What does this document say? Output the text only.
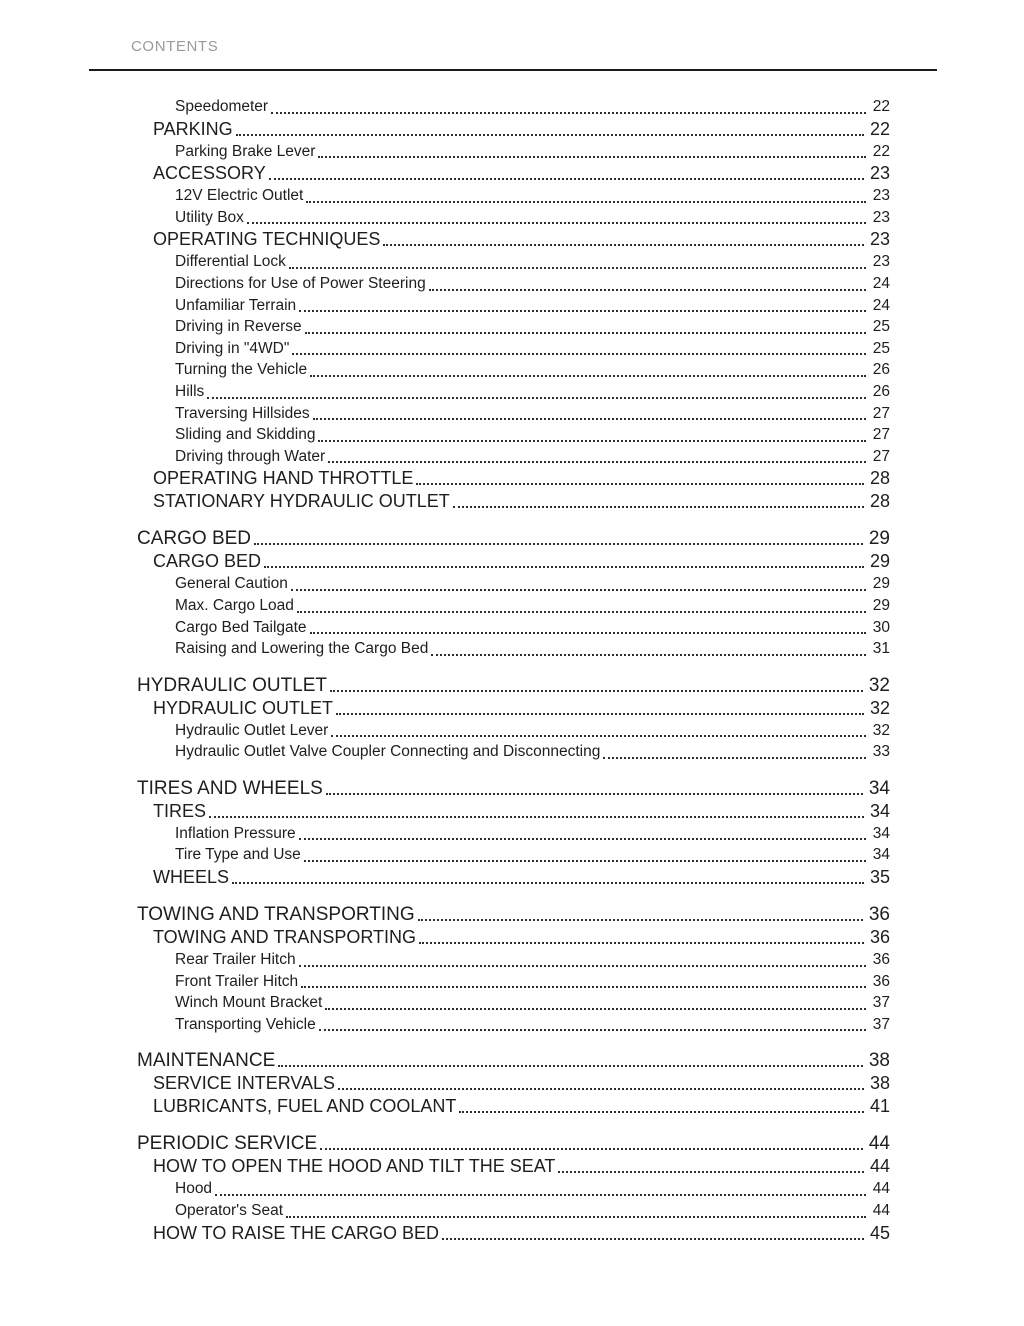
CONTENTS
Speedometer	22
PARKING	22
Parking Brake Lever	22
ACCESSORY	23
12V Electric Outlet	23
Utility Box	23
OPERATING TECHNIQUES	23
Differential Lock	23
Directions for Use of Power Steering	24
Unfamiliar Terrain	24
Driving in Reverse	25
Driving in "4WD"	25
Turning the Vehicle	26
Hills	26
Traversing Hillsides	27
Sliding and Skidding	27
Driving through Water	27
OPERATING HAND THROTTLE	28
STATIONARY HYDRAULIC OUTLET	28
CARGO BED	29
CARGO BED	29
General Caution	29
Max. Cargo Load	29
Cargo Bed Tailgate	30
Raising and Lowering the Cargo Bed	31
HYDRAULIC OUTLET	32
HYDRAULIC OUTLET	32
Hydraulic Outlet Lever	32
Hydraulic Outlet Valve Coupler Connecting and Disconnecting	33
TIRES AND WHEELS	34
TIRES	34
Inflation Pressure	34
Tire Type and Use	34
WHEELS	35
TOWING AND TRANSPORTING	36
TOWING AND TRANSPORTING	36
Rear Trailer Hitch	36
Front Trailer Hitch	36
Winch Mount Bracket	37
Transporting Vehicle	37
MAINTENANCE	38
SERVICE INTERVALS	38
LUBRICANTS, FUEL AND COOLANT	41
PERIODIC SERVICE	44
HOW TO OPEN THE HOOD AND TILT THE SEAT	44
Hood	44
Operator's Seat	44
HOW TO RAISE THE CARGO BED	45
